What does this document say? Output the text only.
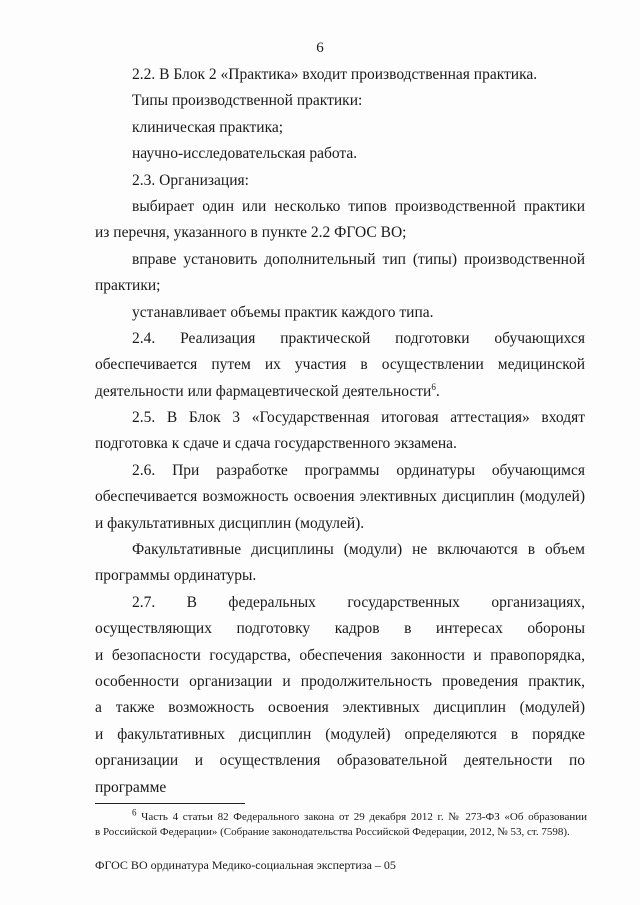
6
2.2. В Блок 2 «Практика» входит производственная практика.
Типы производственной практики:
клиническая практика;
научно-исследовательская работа.
2.3. Организация:
выбирает один или несколько типов производственной практики
из перечня, указанного в пункте 2.2 ФГОС ВО;
вправе установить дополнительный тип (типы) производственной
практики;
устанавливает объемы практик каждого типа.
2.4. Реализация практической подготовки обучающихся
обеспечивается путем их участия в осуществлении медицинской
деятельности или фармацевтической деятельности$^6$.
2.5. В Блок 3 «Государственная итоговая аттестация» входят
подготовка к сдаче и сдача государственного экзамена.
2.6. При разработке программы ординатуры обучающимся
обеспечивается возможность освоения элективных дисциплин (модулей)
и факультативных дисциплин (модулей).
Факультативные дисциплины (модули) не включаются в объем
программы ординатуры.
2.7. В федеральных государственных организациях,
осуществляющих подготовку кадров в интересах обороны
и безопасности государства, обеспечения законности и правопорядка,
особенности организации и продолжительность проведения практик,
а также возможность освоения элективных дисциплин (модулей)
и факультативных дисциплин (модулей) определяются в порядке
организации и осуществления образовательной деятельности по программе
$^6$ Часть 4 статьи 82 Федерального закона от 29 декабря 2012 г. № 273-ФЗ «Об образовании
в Российской Федерации» (Собрание законодательства Российской Федерации, 2012, № 53, ст. 7598).
ФГОС ВО ординатура Медико-социальная экспертиза – 05
